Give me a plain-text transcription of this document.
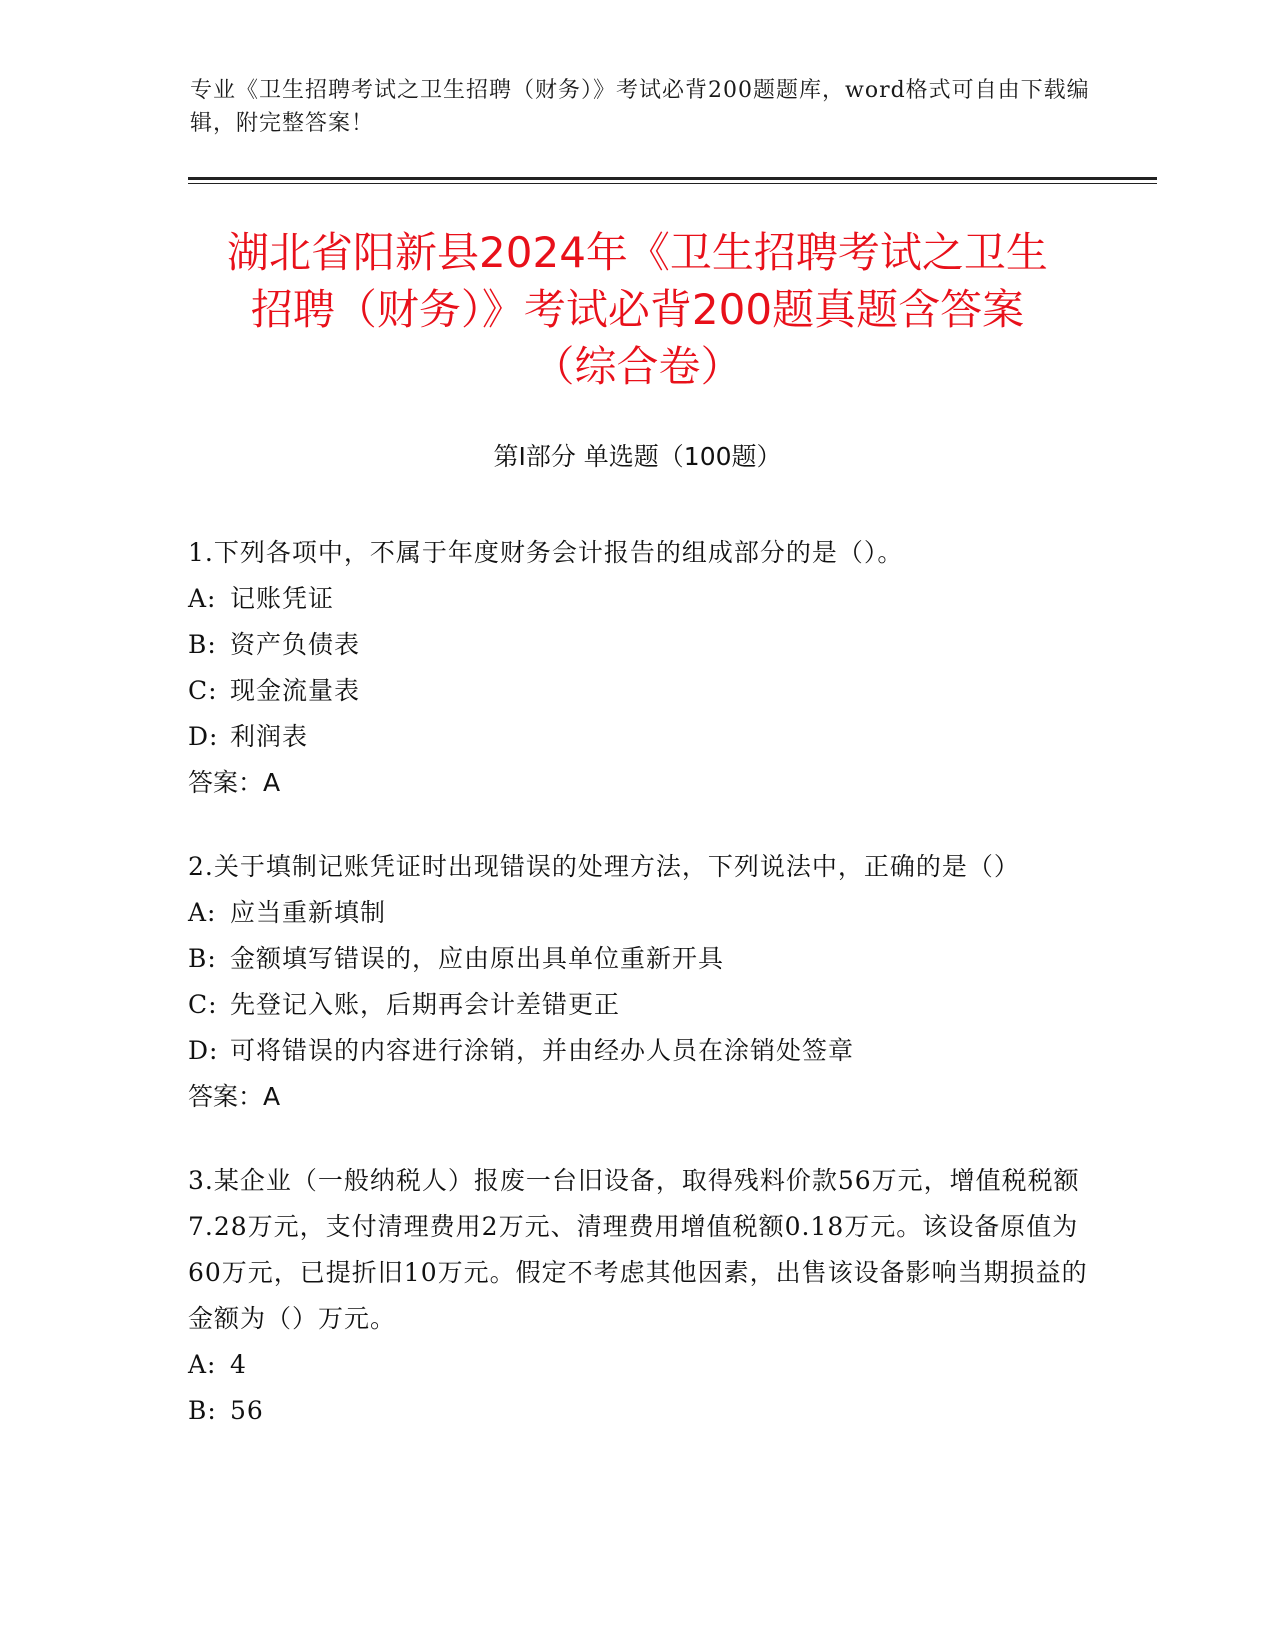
专业《卫生招聘考试之卫生招聘（财务）》考试必背200题题库，word格式可自由下载编辑，附完整答案！
湖北省阳新县2024年《卫生招聘考试之卫生
招聘（财务）》考试必背200题真题含答案
（综合卷）
第Ⅰ部分 单选题（100题）

1.下列各项中，不属于年度财务会计报告的组成部分的是（）。

A: 记账凭证

B: 资产负债表

C: 现金流量表

D: 利润表

答案：A

2.关于填制记账凭证时出现错误的处理方法，下列说法中，正确的是（）

A: 应当重新填制

B: 金额填写错误的，应由原出具单位重新开具

C: 先登记入账，后期再会计差错更正

D: 可将错误的内容进行涂销，并由经办人员在涂销处签章

答案：A

3.某企业（一般纳税人）报废一台旧设备，取得残料价款56万元，增值税税额7.28万元，支付清理费用2万元、清理费用增值税额0.18万元。该设备原值为60万元，已提折旧10万元。假定不考虑其他因素，出售该设备影响当期损益的金额为（）万元。

A: 4

B: 56
